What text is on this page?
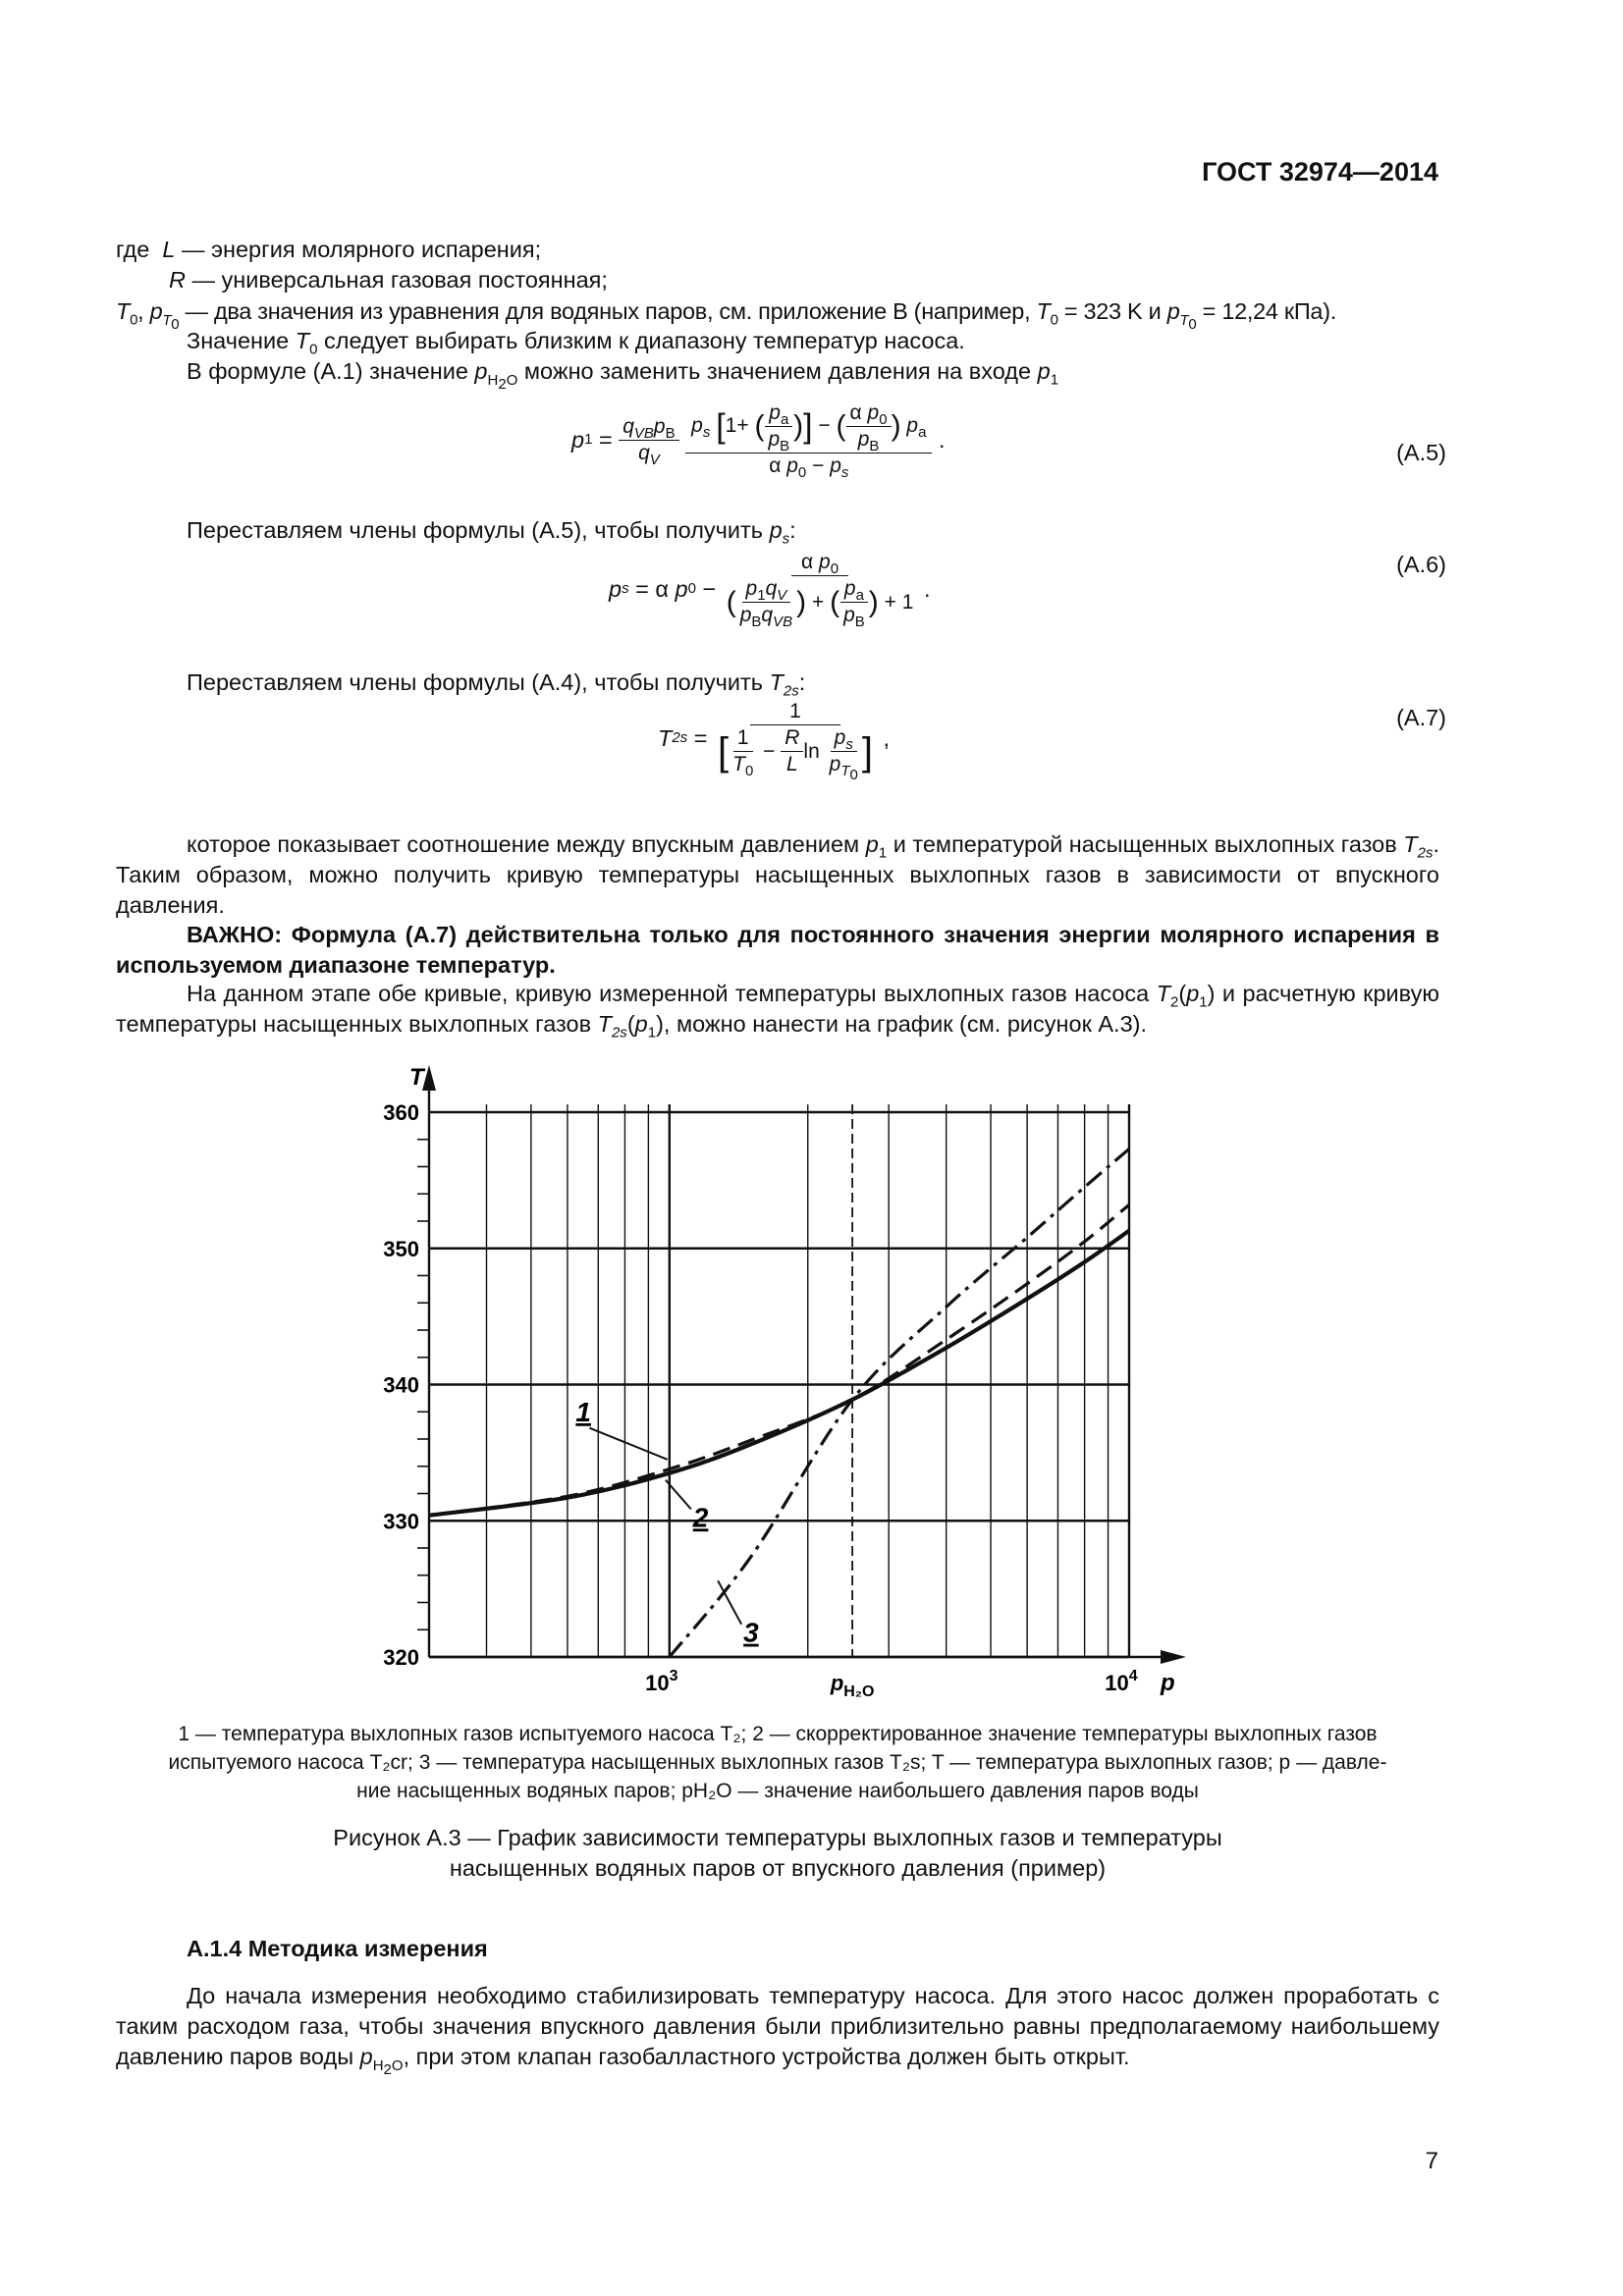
ГОСТ 32974—2014
где L — энергия молярного испарения;
R — универсальная газовая постоянная;
$T_0$, $p_{T_0}$ — два значения из уравнения для водяных паров, см. приложение В (например, $T_0 = 323$ K и $p_{T_0} = 12,24$ кПа).
Значение $T_0$ следует выбирать близким к диапазону температур насоса.
В формуле (А.1) значение $p_{H_2O}$ можно заменить значением давления на входе $p_1$
p 1
=
$\frac{q_{VB}p_B}{q_V}$
$p_s$ [1+ ( $\frac{p_a}{p_B}$ )] − ( $\frac{\alpha p_0}{p_B}$ ) $p_a$
α $p_0 - p_s$

.
(А.5)
Переставляем члены формулы (А.5), чтобы получить $p_s$:
p s
=
α
p 0
−
α $p_0$
( $\frac{p_1q_V}{p_Bq_{VB}}$ )
+
( $\frac{p_a}{p_B}$ )
+ 1
.
(А.6)
Переставляем члены формулы (А.4), чтобы получить $T_{2s}$:
T 2s
=

1
[ $\frac{1}{T_0}$
−
$\frac{R}{L}$ ln
$\frac{p_s}{p_{T_0}}$ ]
,
(А.7)
которое показывает соотношение между впускным давлением $p_1$ и температурой насыщенных выхлопных газов $T_{2s}$. Таким образом, можно получить кривую температуры насыщенных выхлопных газов в зависимости от впускного давления.
ВАЖНО: Формула (А.7) действительна только для постоянного значения энергии молярного испарения в используемом диапазоне температур.
На данном этапе обе кривые, кривую измеренной температуры выхлопных газов насоса $T_2(p_1)$ и расчетную кривую температуры насыщенных выхлопных газов $T_{2s}(p_1)$, можно нанести на график (см. рисунок А.3).
320
330
340
350
360
T
p
$10^3$	$10^4$
$p_{H_2O}$
1
2
3
1 — температура выхлопных газов испытуемого насоса T₂; 2 — скорректированное значение температуры выхлопных газов
испытуемого насоса T₂cr; 3 — температура насыщенных выхлопных газов T₂s; T — температура выхлопных газов; p — давле-
ние насыщенных водяных паров; pH₂O — значение наибольшего давления паров воды
Рисунок А.3 — График зависимости температуры выхлопных газов и температуры
насыщенных водяных паров от впускного давления (пример)
А.1.4 Методика измерения
До начала измерения необходимо стабилизировать температуру насоса. Для этого насос должен проработать с таким расходом газа, чтобы значения впускного давления были приблизительно равны предполагаемому наибольшему давлению паров воды $p_{H_2O}$, при этом клапан газобалластного устройства должен быть открыт.
7
